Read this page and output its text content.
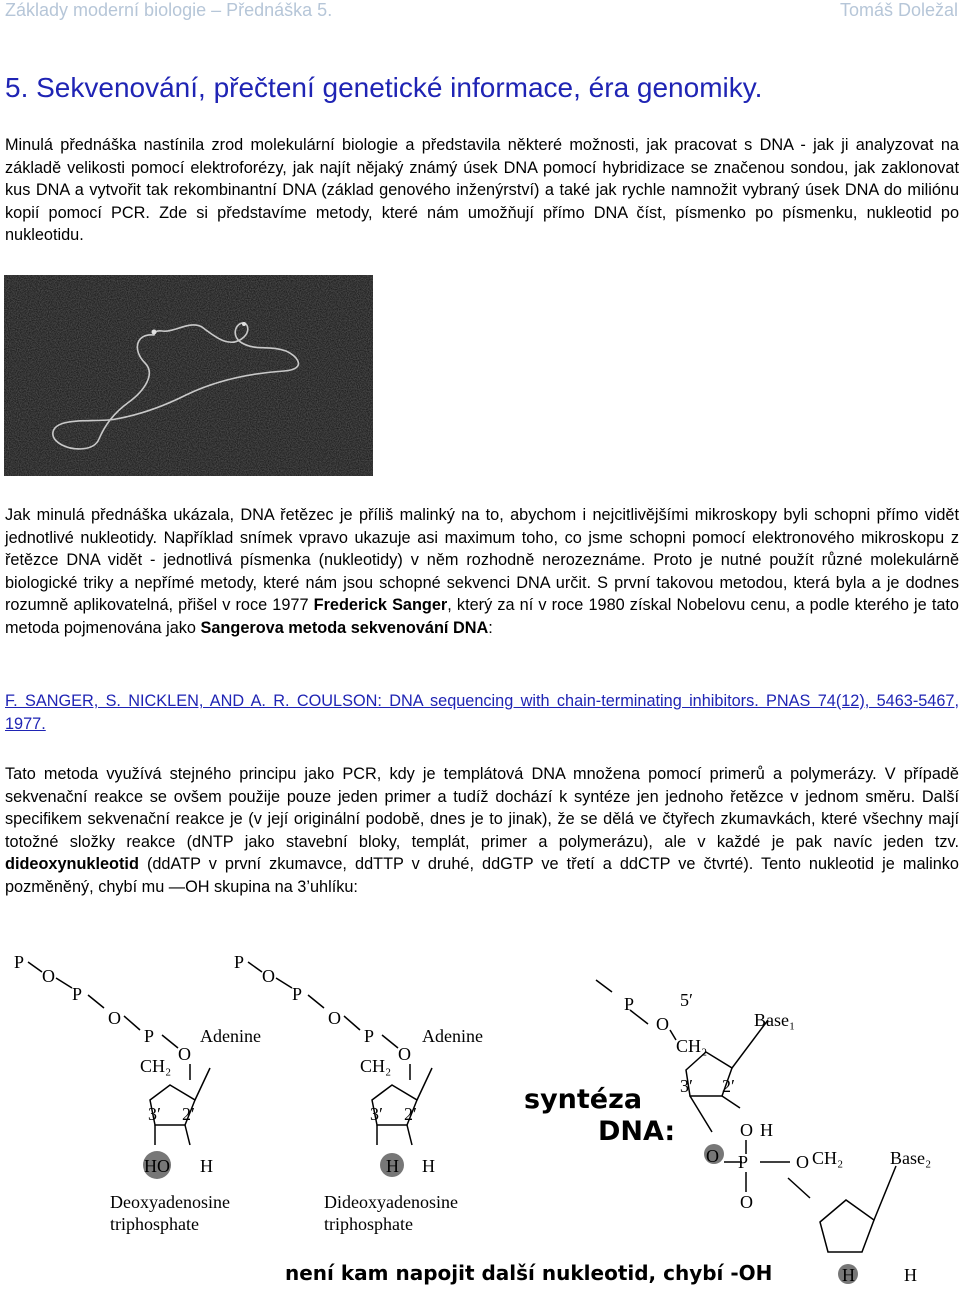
Základy moderní biologie – Přednáška 5.	Tomáš Doležal
5. Sekvenování, přečtení genetické informace, éra genomiky.

Minulá přednáška nastínila zrod molekulární biologie a představila některé možnosti, jak pracovat s DNA - jak ji analyzovat na základě velikosti pomocí elektroforézy, jak najít nějaký známý úsek DNA pomocí hybridizace se značenou sondou, jak zaklonovat kus DNA a vytvořit tak rekombinantní DNA (základ genového inženýrství) a také jak rychle namnožit vybraný úsek DNA do miliónu kopií pomocí PCR. Zde si představíme metody, které nám umožňují přímo DNA číst, písmenko po písmenku, nukleotid po nukleotidu.

Jak minulá přednáška ukázala, DNA řetězec je příliš malinký na to, abychom i nejcitlivějšími mikroskopy byli schopni přímo vidět jednotlivé nukleotidy. Například snímek vpravo ukazuje asi maximum toho, co jsme schopni pomocí elektronového mikroskopu z řetězce DNA vidět - jednotlivá písmenka (nukleotidy) v něm rozhodně nerozeznáme. Proto je nutné použít různé molekulárně biologické triky a nepřímé metody, které nám jsou schopné sekvenci DNA určit. S první takovou metodou, která byla a je dodnes rozumně aplikovatelná, přišel v roce 1977 Frederick Sanger, který za ní v roce 1980 získal Nobelovu cenu, a podle kterého je tato metoda pojmenována jako Sangerova metoda sekvenování DNA:

F. SANGER, S. NICKLEN, AND A. R. COULSON: DNA sequencing with chain-terminating inhibitors. PNAS 74(12), 5463-5467, 1977.

Tato metoda využívá stejného principu jako PCR, kdy je templátová DNA množena pomocí primerů a polymerázy. V případě sekvenační reakce se ovšem použije pouze jeden primer a tudíž dochází k syntéze jen jednoho řetězce v jednom směru. Další specifikem sekvenační reakce je (v její originální podobě, dnes je to jinak), že se dělá ve čtyřech zkumavkách, které všechny mají totožné složky reakce (dNTP jako stavební bloky, templát, primer a polymerázu), ale v každé je pak navíc jeden tzv. dideoxynukleotid (ddATP v první zkumavce, ddTTP v druhé, ddGTP ve třetí a ddCTP ve čtvrté). Tento nukleotid je malinko pozměněný, chybí mu —OH skupina na 3’uhlíku:

P
O
P
O
P
O
CH₂
Adenine
3′ 2′
HO H
Deoxyadenosine
triphosphate
P
O
P
O
P
O
CH₂
Adenine
3′ 2′
H H
Dideoxyadenosine
triphosphate
syntéza
DNA:
P
O
5′
CH₂
Base₁
3′ 2′
H
O P
O
O CH₂
O
Base₂
H	H
není kam napojit další nukleotid, chybí -OH
